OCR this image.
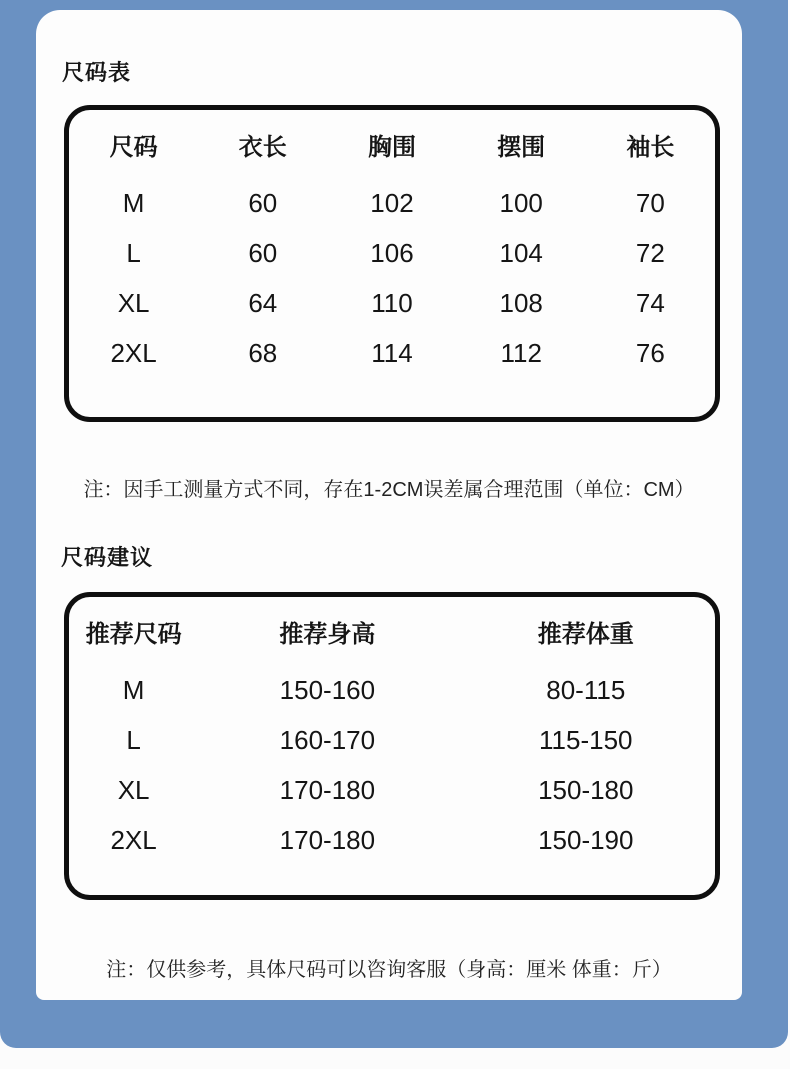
尺码表
尺码	衣长	胸围	摆围	袖长
M	60	102	100	70
L	60	106	104	72
XL	64	110	108	74
2XL	68	114	112	76

注：因手工测量方式不同，存在1-2CM误差属合理范围（单位：CM）

尺码建议
推荐尺码	推荐身高	推荐体重
M	150-160	80-115
L	160-170	115-150
XL	170-180	150-180
2XL	170-180	150-190

注：仅供参考，具体尺码可以咨询客服（身高：厘米 体重：斤）
